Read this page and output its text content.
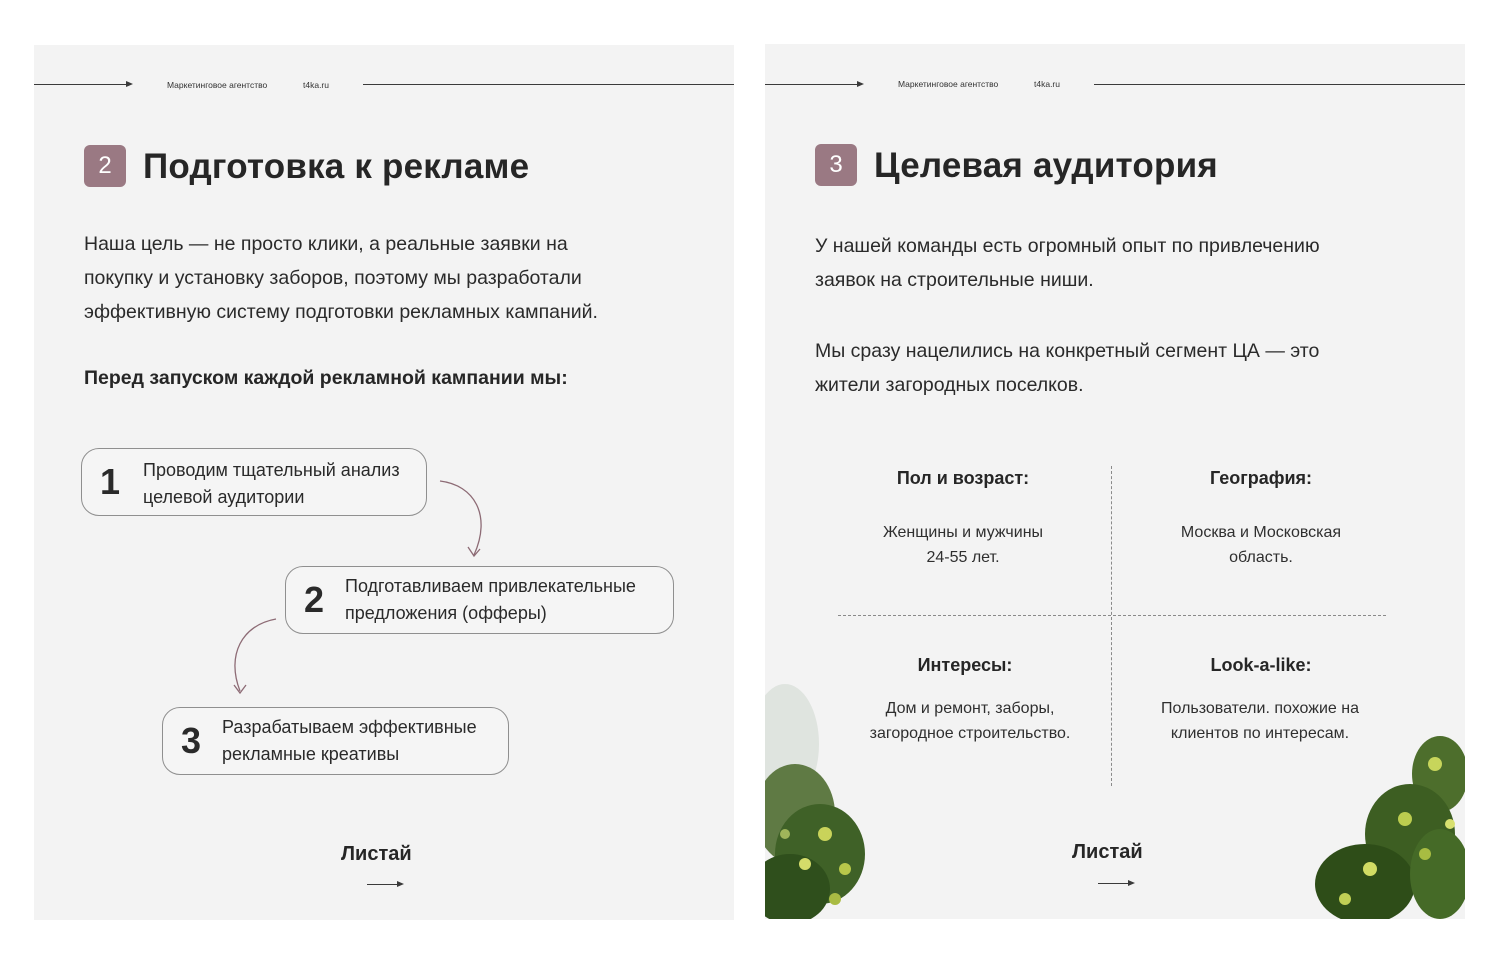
Маркетинговое агентство	t4ka.ru
2 Подготовка к рекламе
Наша цель — не просто клики, а реальные заявки на
покупку и установку заборов, поэтому мы разработали
эффективную систему подготовки рекламных кампаний.
Перед запуском каждой рекламной кампании мы:
1 Проводим тщательный анализ
целевой аудитории
2 Подготавливаем привлекательные
предложения (офферы)
3 Разрабатываем эффективные
рекламные креативы
Листай
Маркетинговое агентство	t4ka.ru
3 Целевая аудитория
У нашей команды есть огромный опыт по привлечению
заявок на строительные ниши.
Мы сразу нацелились на конкретный сегмент ЦА — это
жители загородных поселков.
Пол и возраст:
Женщины и мужчины
24-55 лет.
География:
Москва и Московская
область.
Интересы:
Дом и ремонт, заборы,
загородное строительство.
Look-a-like:
Пользователи. похожие на
клиентов по интересам.
Листай
